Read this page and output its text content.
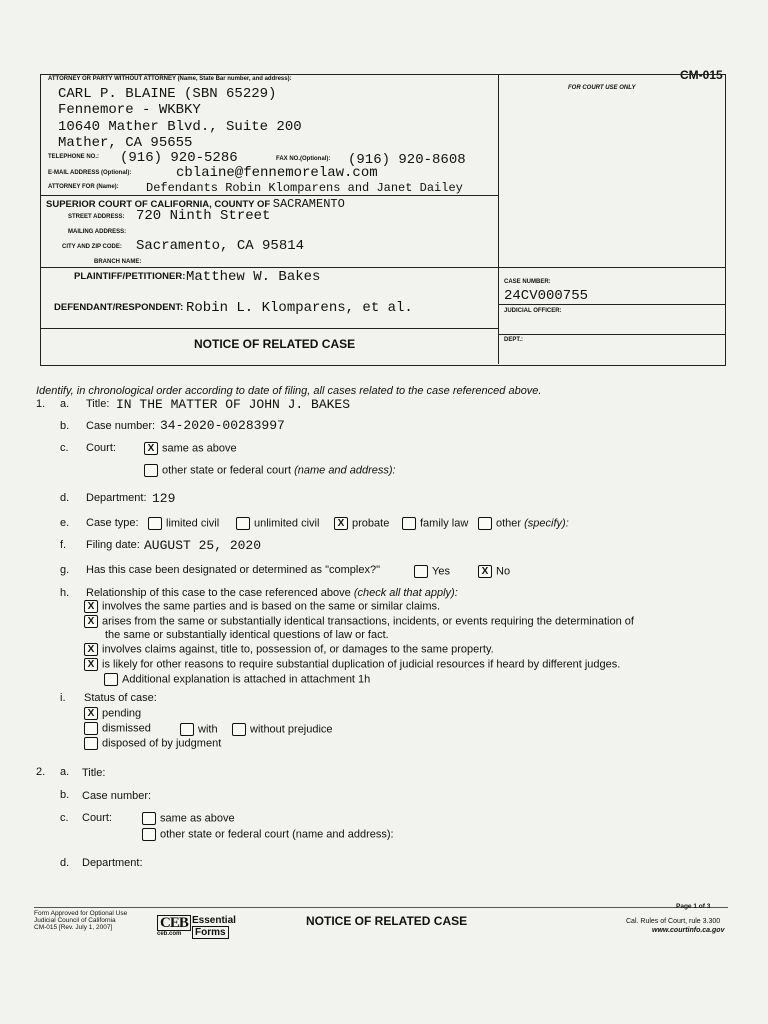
CM-015
FOR COURT USE ONLY
ATTORNEY OR PARTY WITHOUT ATTORNEY (Name, State Bar number, and address):
CARL P. BLAINE (SBN 65229)
Fennemore - WKBKY
10640 Mather Blvd., Suite 200
Mather, CA 95655
TELEPHONE NO.: (916) 920-5286	FAX NO.(Optional): (916) 920-8608
E-MAIL ADDRESS (Optional):	cblaine@fennemorelaw.com
ATTORNEY FOR (Name): Defendants Robin Klomparens and Janet Dailey
SUPERIOR COURT OF CALIFORNIA, COUNTY OF SACRAMENTO
STREET ADDRESS: 720 Ninth Street
MAILING ADDRESS:
CITY AND ZIP CODE: Sacramento, CA 95814
BRANCH NAME:
PLAINTIFF/PETITIONER: Matthew W. Bakes
DEFENDANT/RESPONDENT: Robin L. Klomparens, et al.
NOTICE OF RELATED CASE
CASE NUMBER:
24CV000755
JUDICIAL OFFICER:
DEPT.:
Identify, in chronological order according to date of filing, all cases related to the case referenced above.
1. a. Title: IN THE MATTER OF JOHN J. BAKES
b. Case number: 34-2020-00283997
c. Court:	X same as above
other state or federal court (name and address):
d. Department: 129
e. Case type:	limited civil	unlimited civil	X probate	family law	other (specify):
f. Filing date: AUGUST 25, 2020
g. Has this case been designated or determined as "complex?"	Yes	X No
h. Relationship of this case to the case referenced above (check all that apply):
X involves the same parties and is based on the same or similar claims.
X arises from the same or substantially identical transactions, incidents, or events requiring the determination of
the same or substantially identical questions of law or fact.
X involves claims against, title to, possession of, or damages to the same property.
X is likely for other reasons to require substantial duplication of judicial resources if heard by different judges.
Additional explanation is attached in attachment 1h
i. Status of case:
X pending
dismissed	with	without prejudice
disposed of by judgment
2. a. Title:
b. Case number:
c. Court:	same as above
other state or federal court (name and address):
d. Department:
Form Approved for Optional Use
Judicial Council of California
CM-015 [Rev. July 1, 2007]	CEB
ceb.com
Essential
Forms
NOTICE OF RELATED CASE
Page 1 of 3
Cal. Rules of Court, rule 3.300
www.courtinfo.ca.gov
